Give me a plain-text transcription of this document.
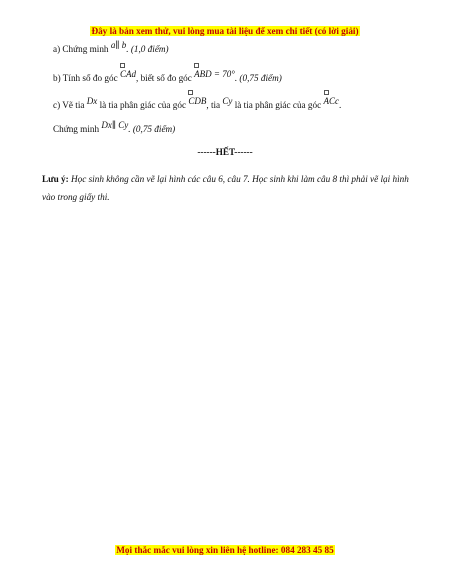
Đây là bản xem thử, vui lòng mua tài liệu để xem chi tiết (có lời giải)
a) Chứng minh a∥ b. (1,0 điểm)
b) Tính số đo góc CAd, biết số đo góc ABD = 70°. (0,75 điểm)
c) Vẽ tia Dx là tia phân giác của góc CDB, tia Cy là tia phân giác của góc ACc.
Chứng minh Dx∥ Cy. (0,75 điểm)
------HẾT------
Lưu ý: Học sinh không cần vẽ lại hình các câu 6, câu 7. Học sinh khi làm câu 8 thì phải vẽ lại hình vào trong giấy thi.
Mọi thắc mắc vui lòng xin liên hệ hotline: 084 283 45 85
